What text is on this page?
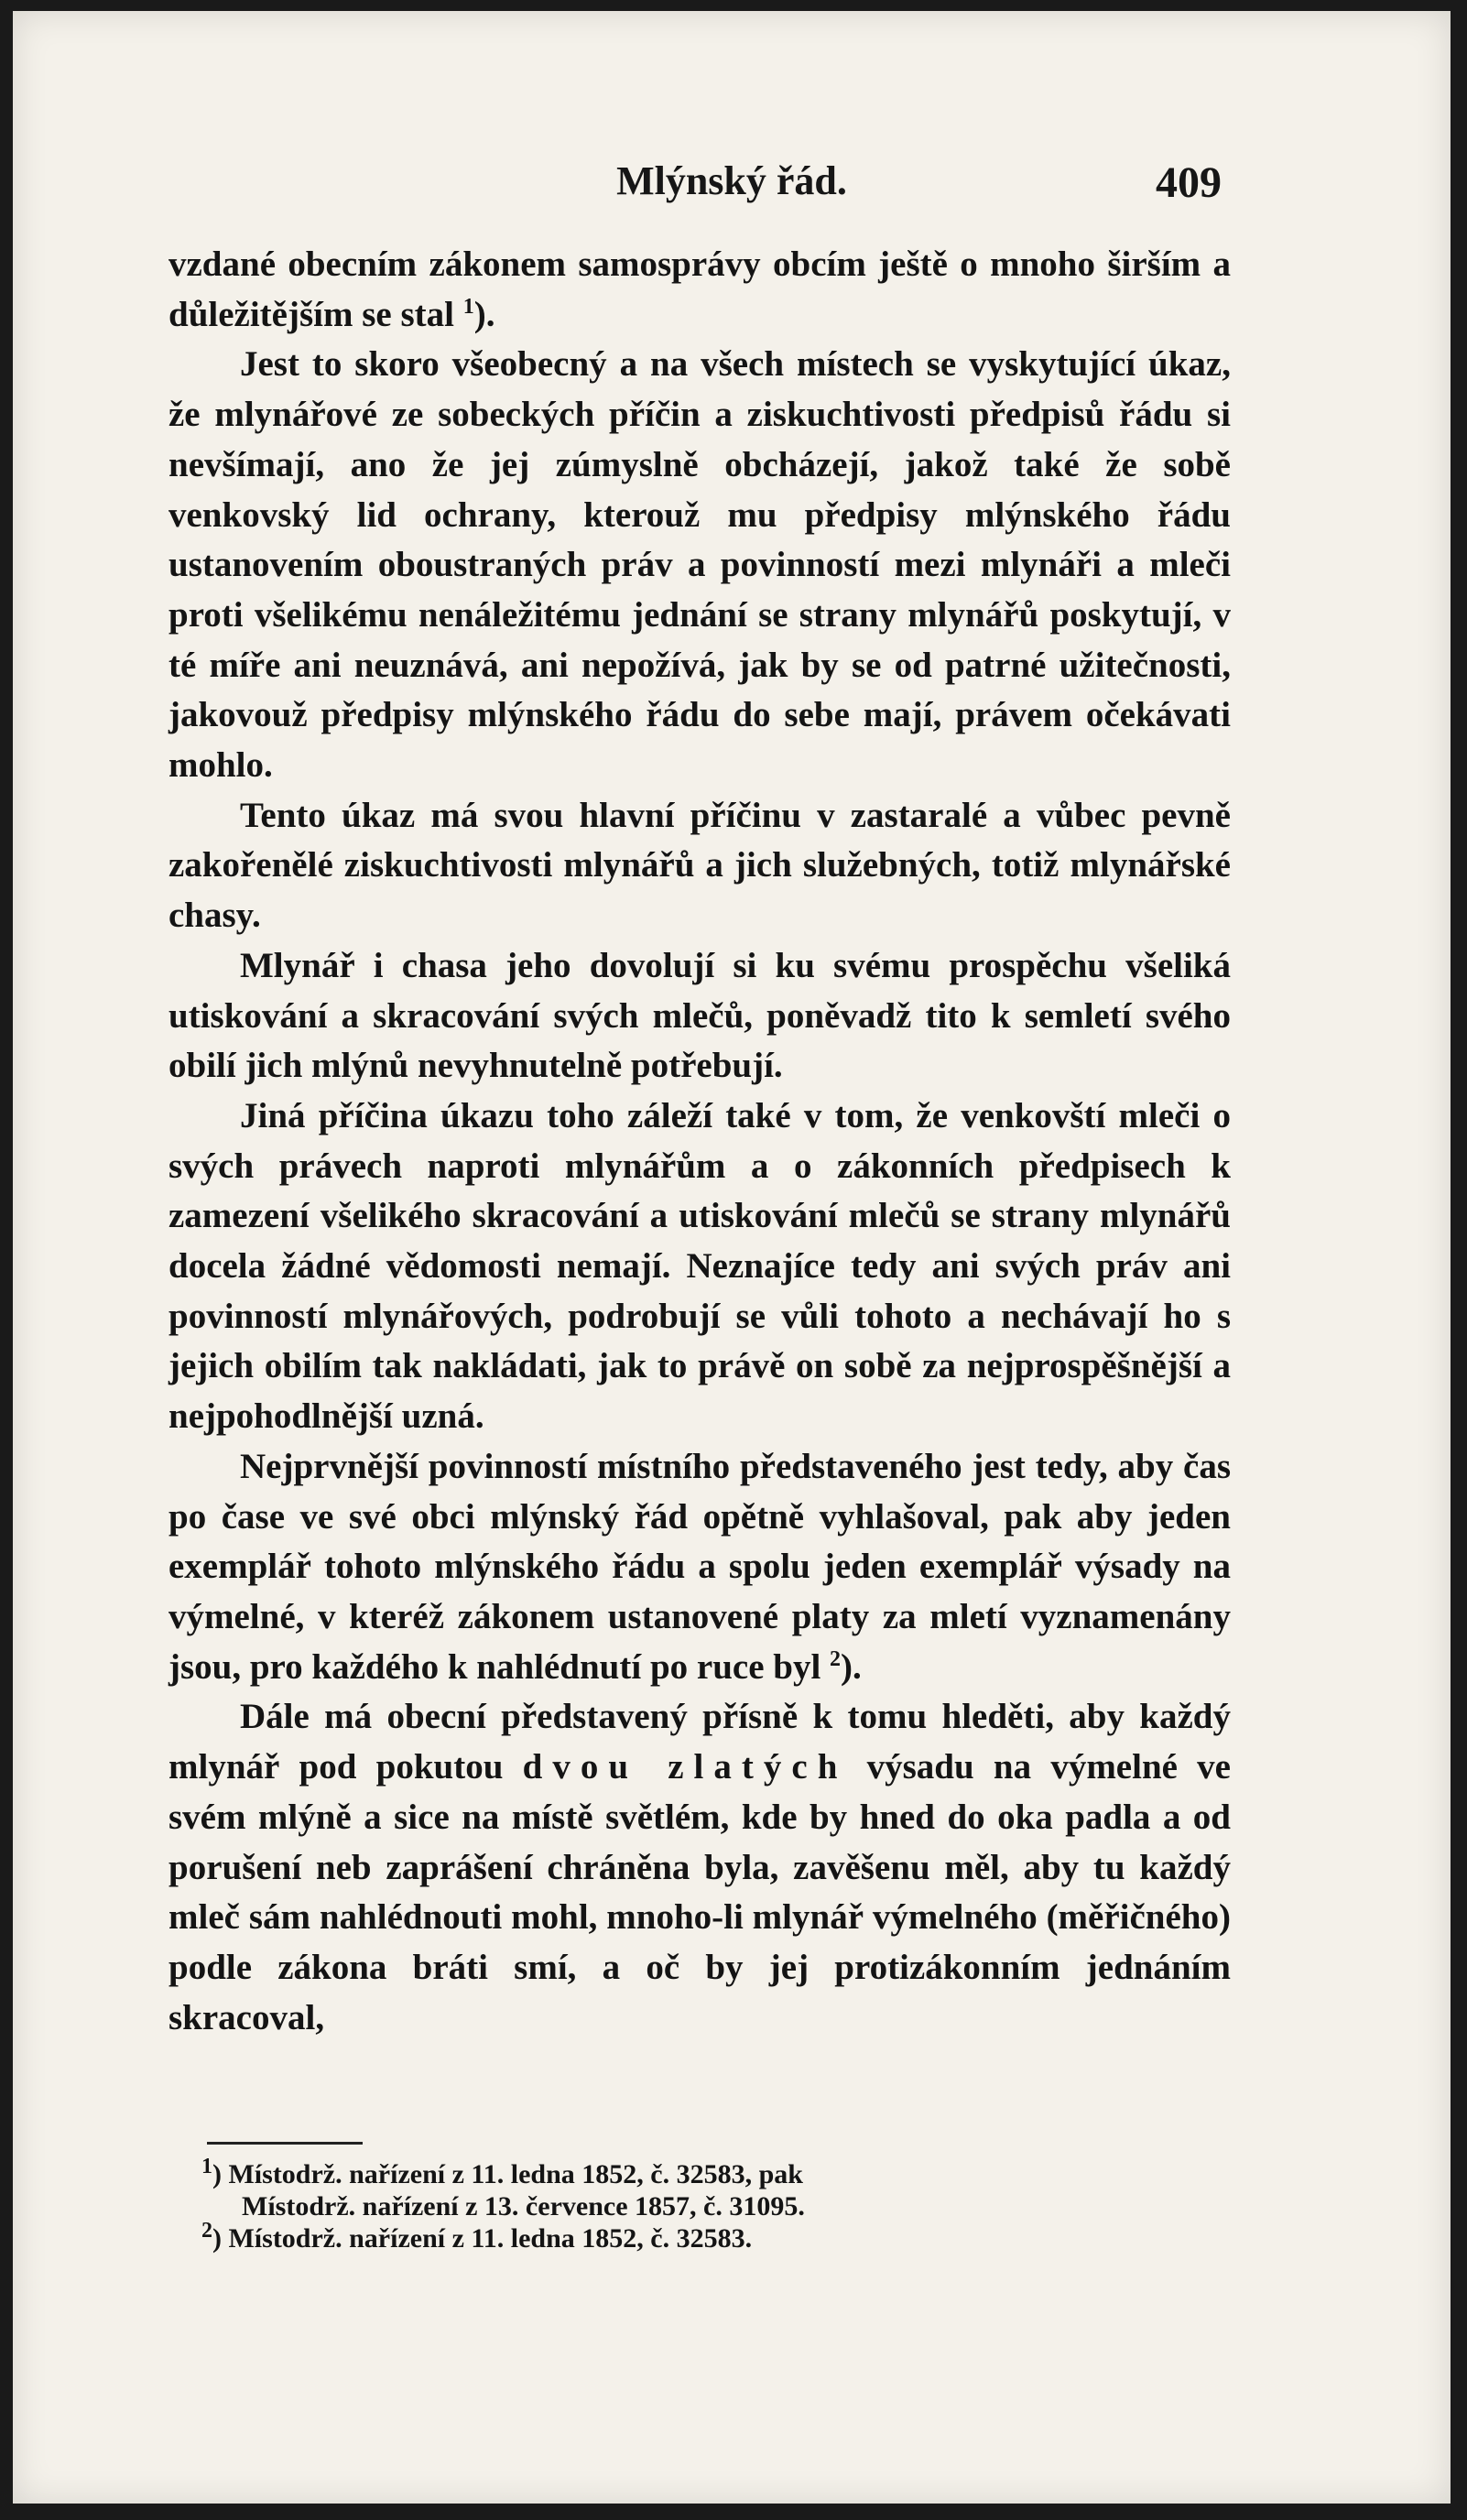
Mlýnský řád.	409

vzdané obecním zákonem samosprávy obcím ještě o mnoho širším a důležitějším se stal $^1$).

Jest to skoro všeobecný a na všech místech se vyskytující úkaz, že mlynářové ze sobeckých příčin a ziskuchtivosti předpisů řádu si nevšímají, ano že jej zúmyslně obcházejí, jakož také že sobě venkovský lid ochrany, kterouž mu předpisy mlýnského řádu ustanovením oboustraných práv a povinností mezi mlynáři a mleči proti všelikému nenáležitému jednání se strany mlynářů poskytují, v té míře ani neuznává, ani nepožívá, jak by se od patrné užitečnosti, jakovouž předpisy mlýnského řádu do sebe mají, právem očekávati mohlo.

Tento úkaz má svou hlavní příčinu v zastaralé a vůbec pevně zakořenělé ziskuchtivosti mlynářů a jich služebných, totiž mlynářské chasy.

Mlynář i chasa jeho dovolují si ku svému prospěchu všeliká utiskování a skracování svých mlečů, poněvadž tito k semletí svého obilí jich mlýnů nevyhnutelně potřebují.

Jiná příčina úkazu toho záleží také v tom, že venkovští mleči o svých právech naproti mlynářům a o zákonních předpisech k zamezení všelikého skracování a utiskování mlečů se strany mlynářů docela žádné vědomosti nemají. Neznajíce tedy ani svých práv ani povinností mlynářových, podrobují se vůli tohoto a nechávají ho s jejich obilím tak nakládati, jak to právě on sobě za nejprospěšnější a nejpohodlnější uzná.

Nejprvnější povinností místního představeného jest tedy, aby čas po čase ve své obci mlýnský řád opětně vyhlašoval, pak aby jeden exemplář tohoto mlýnského řádu a spolu jeden exemplář výsady na výmelné, v kteréž zákonem ustanovené platy za mletí vyznamenány jsou, pro každého k nahlédnutí po ruce byl $^2$).

Dále má obecní představený přísně k tomu hleděti, aby každý mlynář pod pokutou dvou zlatých výsadu na výmelné ve svém mlýně a sice na místě světlém, kde by hned do oka padla a od porušení neb zaprášení chráněna byla, zavěšenu měl, aby tu každý mleč sám nahlédnouti mohl, mnoho-li mlynář výmelného (měřičného) podle zákona bráti smí, a oč by jej protizákonním jednáním skracoval,

$^1$) Místodrž. nařízení z 11. ledna 1852, č. 32583, pak

Místodrž. nařízení z 13. července 1857, č. 31095.

$^2$) Místodrž. nařízení z 11. ledna 1852, č. 32583.
